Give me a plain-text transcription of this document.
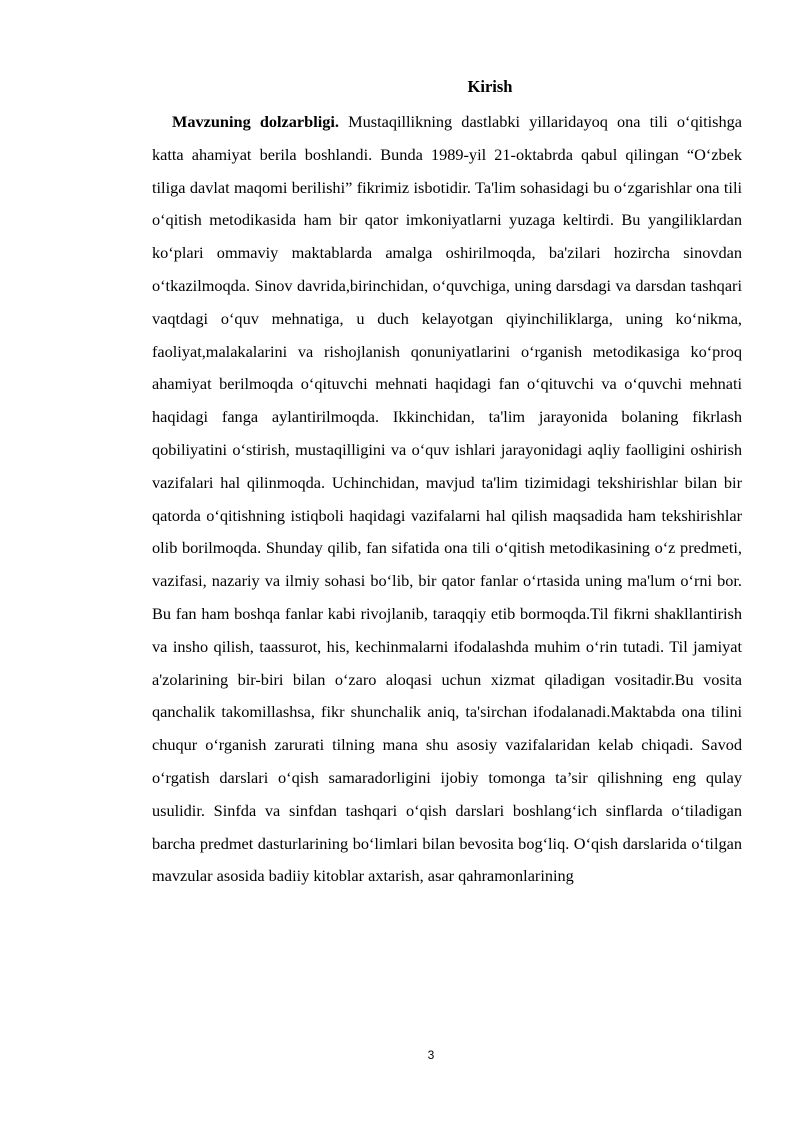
Kirish

Mavzuning dolzarbligi. Mustaqillikning dastlabki yillaridayoq ona tili o‘qitishga katta ahamiyat berila boshlandi. Bunda 1989-yil 21-oktabrda qabul qilingan “O‘zbek tiliga davlat maqomi berilishi” fikrimiz isbotidir. Ta'lim sohasidagi bu o‘zgarishlar ona tili o‘qitish metodikasida ham bir qator imkoniyatlarni yuzaga keltirdi. Bu yangiliklardan ko‘plari ommaviy maktablarda amalga oshirilmoqda, ba'zilari hozircha sinovdan o‘tkazilmoqda. Sinov davrida,birinchidan, o‘quvchiga, uning darsdagi va darsdan tashqari vaqtdagi o‘quv mehnatiga, u duch kelayotgan qiyinchiliklarga, uning ko‘nikma, faoliyat,malakalarini va rishojlanish qonuniyatlarini o‘rganish metodikasiga ko‘proq ahamiyat berilmoqda o‘qituvchi mehnati haqidagi fan o‘qituvchi va o‘quvchi mehnati haqidagi fanga aylantirilmoqda. Ikkinchidan, ta'lim jarayonida bolaning fikrlash qobiliyatini o‘stirish, mustaqilligini va o‘quv ishlari jarayonidagi aqliy faolligini oshirish vazifalari hal qilinmoqda. Uchinchidan, mavjud ta'lim tizimidagi tekshirishlar bilan bir qatorda o‘qitishning istiqboli haqidagi vazifalarni hal qilish maqsadida ham tekshirishlar olib borilmoqda. Shunday qilib, fan sifatida ona tili o‘qitish metodikasining o‘z predmeti, vazifasi, nazariy va ilmiy sohasi bo‘lib, bir qator fanlar o‘rtasida uning ma'lum o‘rni bor. Bu fan ham boshqa fanlar kabi rivojlanib, taraqqiy etib bormoqda.Til fikrni shakllantirish va insho qilish, taassurot, his, kechinmalarni ifodalashda muhim o‘rin tutadi. Til jamiyat a'zolarining bir-biri bilan o‘zaro aloqasi uchun xizmat qiladigan vositadir.Bu vosita qanchalik takomillashsa, fikr shunchalik aniq, ta'sirchan ifodalanadi.Maktabda ona tilini chuqur o‘rganish zarurati tilning mana shu asosiy vazifalaridan kelab chiqadi. Savod o‘rgatish darslari o‘qish samaradorligini ijobiy tomonga ta’sir qilishning eng qulay usulidir. Sinfda va sinfdan tashqari o‘qish darslari boshlang‘ich sinflarda o‘tiladigan barcha predmet dasturlarining bo‘limlari bilan bevosita bog‘liq. O‘qish darslarida o‘tilgan mavzular asosida badiiy kitoblar axtarish, asar qahramonlarining

3
